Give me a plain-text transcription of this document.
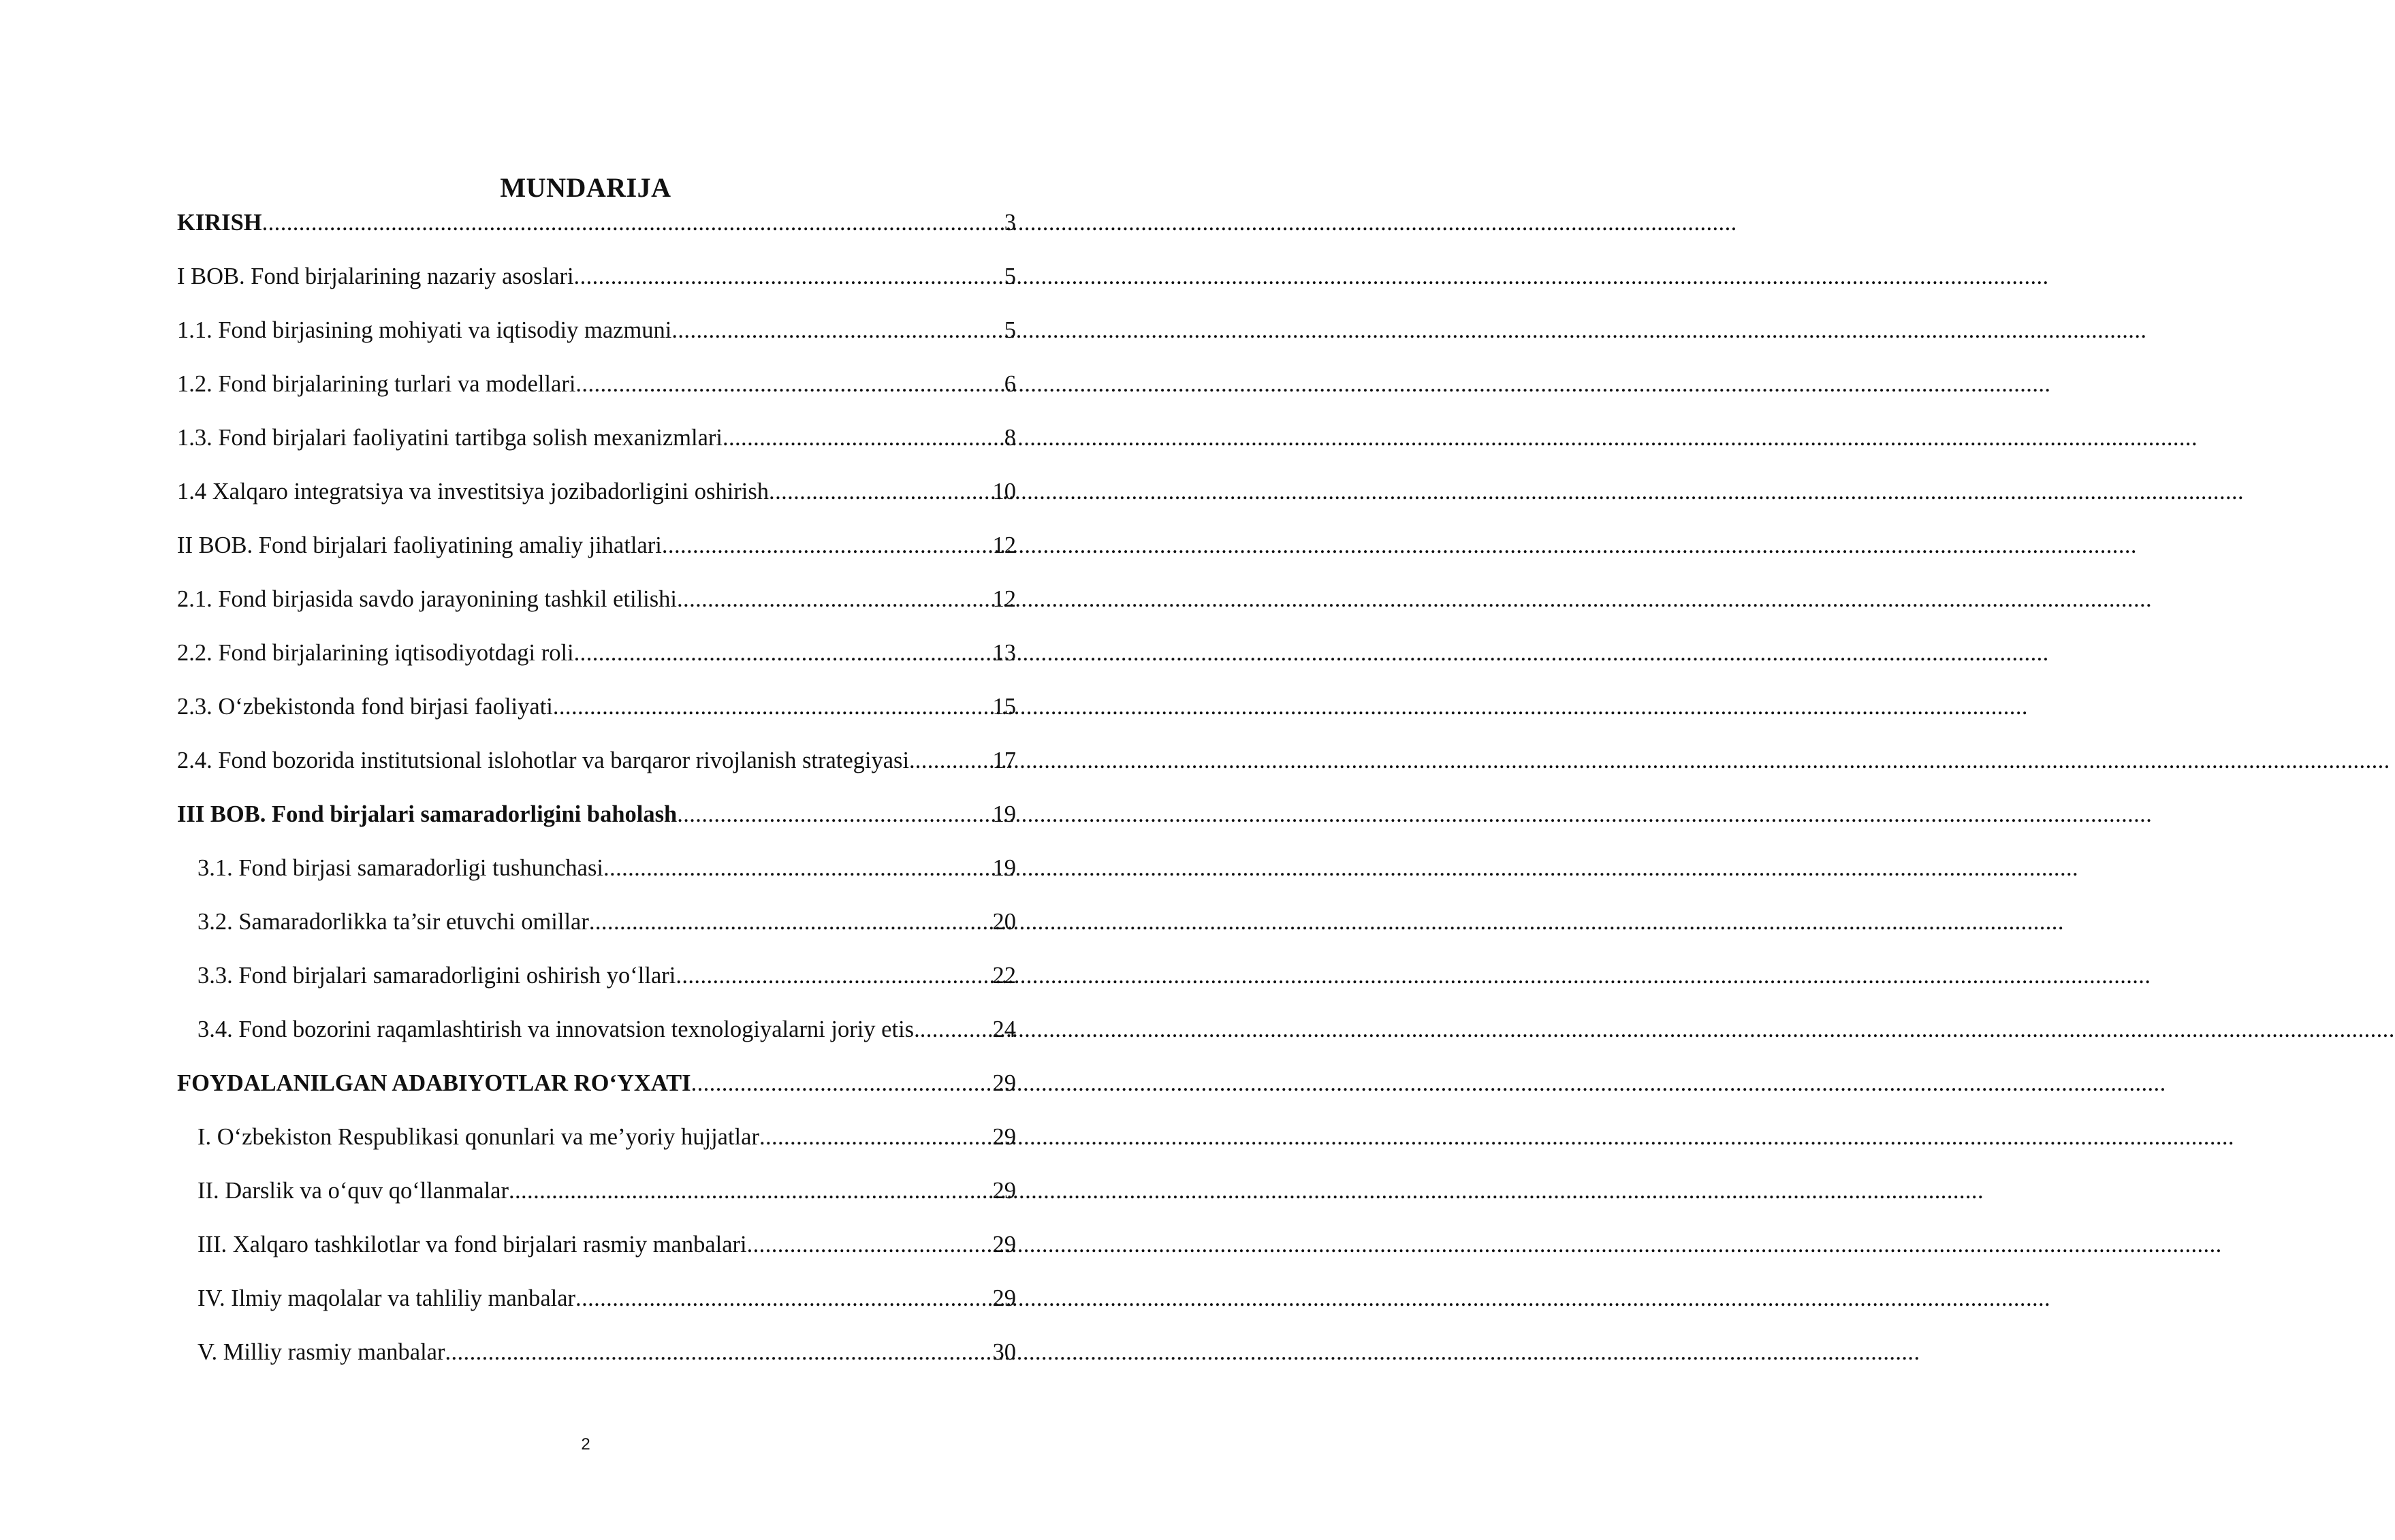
MUNDARIJA
KIRISH .....	3
I BOB. Fond birjalarining nazariy asoslari .....	5
1.1. Fond birjasining mohiyati va iqtisodiy mazmuni .....	5
1.2. Fond birjalarining turlari va modellari .....	6
1.3. Fond birjalari faoliyatini tartibga solish mexanizmlari .....	8
1.4 Xalqaro integratsiya va investitsiya jozibadorligini oshirish .....	10
II BOB. Fond birjalari faoliyatining amaliy jihatlari .....	12
2.1. Fond birjasida savdo jarayonining tashkil etilishi .....	12
2.2. Fond birjalarining iqtisodiyotdagi roli .....	13
2.3. O‘zbekistonda fond birjasi faoliyati .....	15
2.4. Fond bozorida institutsional islohotlar va barqaror rivojlanish strategiyasi. .....	17
III BOB. Fond birjalari samaradorligini baholash .....	19
3.1. Fond birjasi samaradorligi tushunchasi .....	19
3.2. Samaradorlikka ta’sir etuvchi omillar .....	20
3.3. Fond birjalari samaradorligini oshirish yo‘llari .....	22
3.4. Fond bozorini raqamlashtirish va innovatsion texnologiyalarni joriy etis. .....	24
FOYDALANILGAN ADABIYOTLAR RO‘YXATI .....	29
I. O‘zbekiston Respublikasi qonunlari va me’yoriy hujjatlar .....	29
II. Darslik va o‘quv qo‘llanmalar .....	29
III. Xalqaro tashkilotlar va fond birjalari rasmiy manbalari .....	29
IV. Ilmiy maqolalar va tahliliy manbalar .....	29
V. Milliy rasmiy manbalar .....	30
2
